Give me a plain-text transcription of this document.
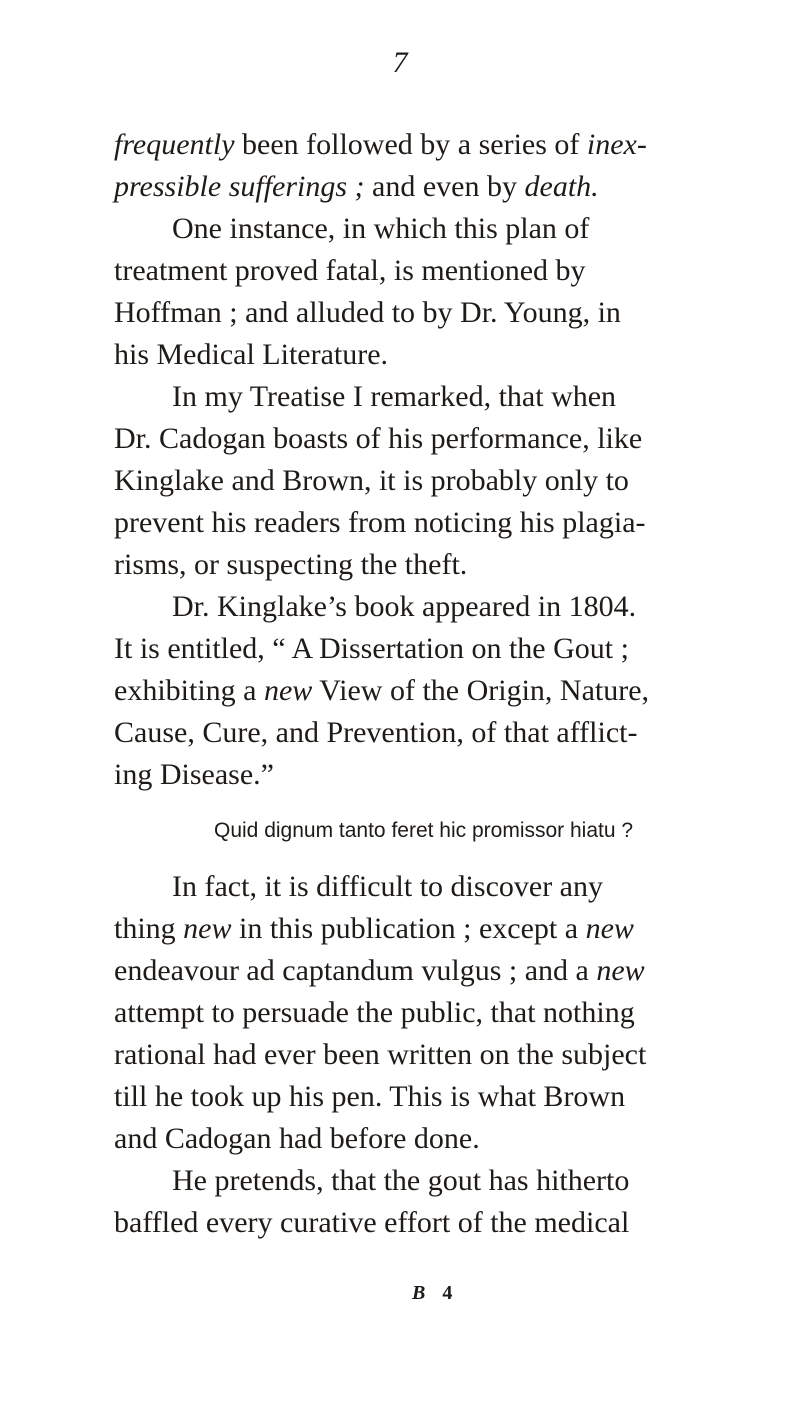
7
frequently been followed by a series of inex-
pressible sufferings ; and even by death.
One instance, in which this plan of
treatment proved fatal, is mentioned by
Hoffman ; and alluded to by Dr. Young, in
his Medical Literature.
In my Treatise I remarked, that when
Dr. Cadogan boasts of his performance, like
Kinglake and Brown, it is probably only to
prevent his readers from noticing his plagia-
risms, or suspecting the theft.
Dr. Kinglake’s book appeared in 1804.
It is entitled, “ A Dissertation on the Gout ;
exhibiting a new View of the Origin, Nature,
Cause, Cure, and Prevention, of that afflict-
ing Disease.”
Quid dignum tanto feret hic promissor hiatu ?
In fact, it is difficult to discover any
thing new in this publication ; except a new
endeavour ad captandum vulgus ; and a new
attempt to persuade the public, that nothing
rational had ever been written on the subject
till he took up his pen. This is what Brown
and Cadogan had before done.
He pretends, that the gout has hitherto
baffled every curative effort of the medical
B 4
